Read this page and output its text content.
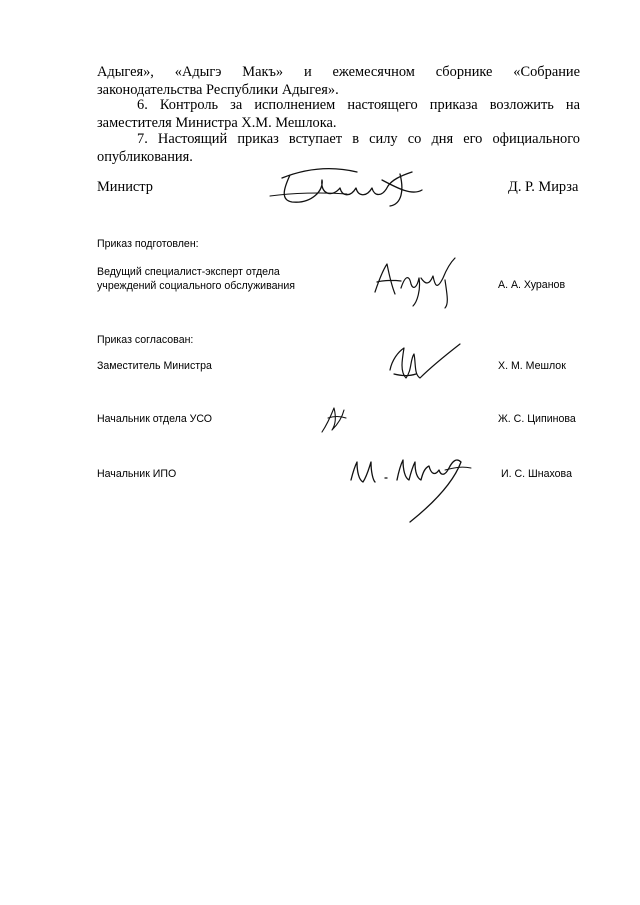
Адыгея», «Адыгэ Макъ» и ежемесячном сборнике «Собрание
законодательства Республики Адыгея».
6. Контроль за исполнением настоящего приказа возложить на заместителя Министра Х.М. Мешлока.
7. Настоящий приказ вступает в силу со дня его официального опубликования.
Министр	Д. Р. Мирза
Приказ подготовлен:
Ведущий специалист-эксперт отдела
учреждений социального обслуживания	А. А. Хуранов
Приказ согласован:
Заместитель Министра	Х. М. Мешлок
Начальник отдела УСО	Ж. С. Ципинова
Начальник ИПО	И. С. Шнахова
